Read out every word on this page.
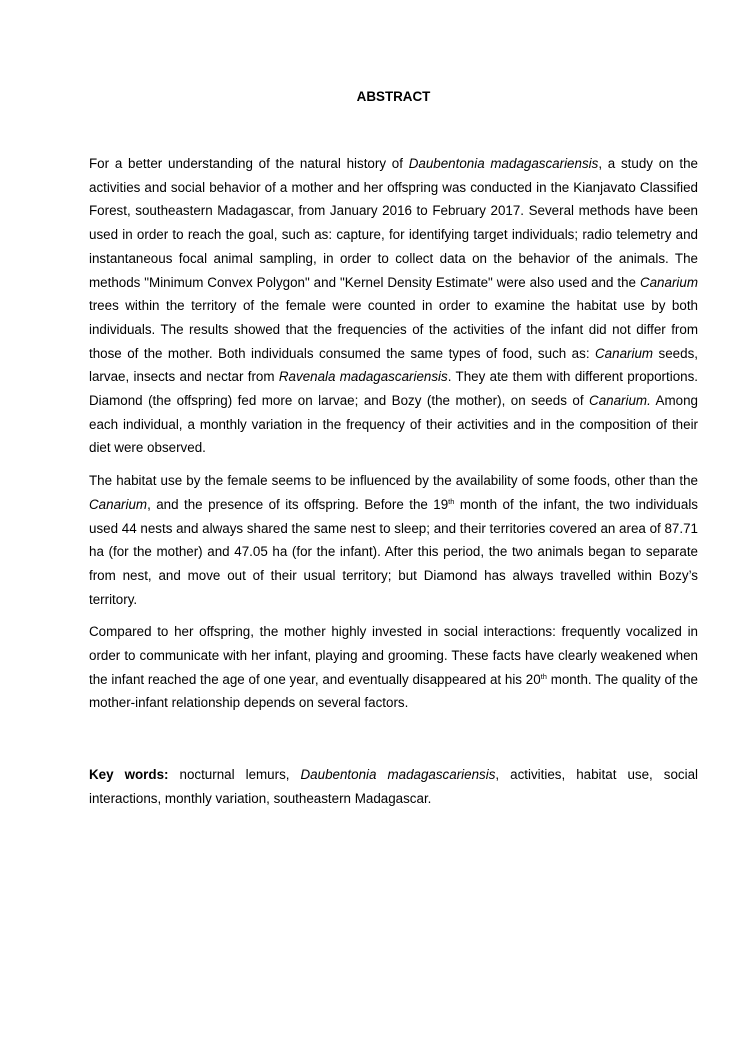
ABSTRACT

For a better understanding of the natural history of Daubentonia madagascariensis, a study on the activities and social behavior of a mother and her offspring was conducted in the Kianjavato Classified Forest, southeastern Madagascar, from January 2016 to February 2017. Several methods have been used in order to reach the goal, such as: capture, for identifying target individuals; radio telemetry and instantaneous focal animal sampling, in order to collect data on the behavior of the animals. The methods "Minimum Convex Polygon" and "Kernel Density Estimate" were also used and the Canarium trees within the territory of the female were counted in order to examine the habitat use by both individuals. The results showed that the frequencies of the activities of the infant did not differ from those of the mother. Both individuals consumed the same types of food, such as: Canarium seeds, larvae, insects and nectar from Ravenala madagascariensis. They ate them with different proportions. Diamond (the offspring) fed more on larvae; and Bozy (the mother), on seeds of Canarium. Among each individual, a monthly variation in the frequency of their activities and in the composition of their diet were observed.

The habitat use by the female seems to be influenced by the availability of some foods, other than the Canarium, and the presence of its offspring. Before the 19th month of the infant, the two individuals used 44 nests and always shared the same nest to sleep; and their territories covered an area of 87.71 ha (for the mother) and 47.05 ha (for the infant). After this period, the two animals began to separate from nest, and move out of their usual territory; but Diamond has always travelled within Bozy’s territory.

Compared to her offspring, the mother highly invested in social interactions: frequently vocalized in order to communicate with her infant, playing and grooming. These facts have clearly weakened when the infant reached the age of one year, and eventually disappeared at his 20th month. The quality of the mother-infant relationship depends on several factors.

Key words: nocturnal lemurs, Daubentonia madagascariensis, activities, habitat use, social interactions, monthly variation, southeastern Madagascar.
